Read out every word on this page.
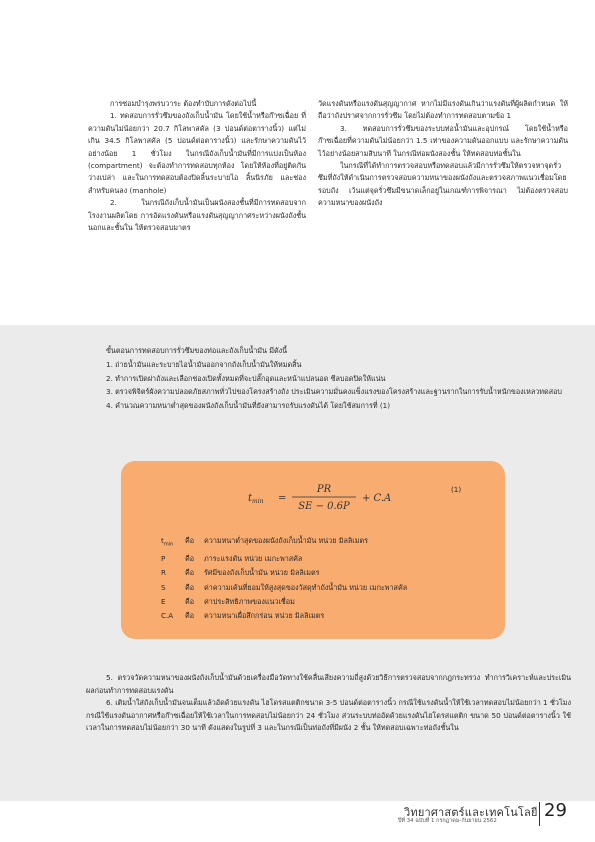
การซ่อมบำรุงพรบวาระ ต้องทำบับการดังต่อไปนี้

1. ทดสอบการรั่วซึมของถังเก็บน้ำมัน โดยใช้น้ำหรือก๊าซเฉื่อย ที่ความดันไม่น้อยกว่า 20.7 กิโลพาสคัล (3 ปอนด์ต่อตารางนิ้ว) แต่ไม่เกิน 34.5 กิโลพาสคัล (5 ปอนด์ต่อตารางนิ้ว) และรักษาความดันไว้อย่างน้อย 1 ชั่วโมง ในกรณีถังเก็บน้ำมันที่มีการแบ่งเป็นห้อง (compartment) จะต้องทำการทดสอบทุกห้อง โดยให้ห้องที่อยู่ติดกันว่างเปล่า และในการทดสอบต้องปิดลิ้นระบายไอ ลิ้นนิรภัย และช่องสำหรับคนลง (manhole)

2. ในกรณีถังเก็บน้ำมันเป็นผนังสองชั้นที่มีการทดสอบจากโรงงานผลิตโดย การอัดแรงดันหรือแรงดันสุญญากาศระหว่างผนังถังชั้นนอกและชั้นใน ให้ตรวจสอบมาตร

วัดแรงดันหรือแรงดันสุญญากาศ หากไม่มีแรงดันเกินว่าแรงดันที่ผู้ผลิตกำหนด ให้ถือว่าถังปราศจากการรั่วซึม โดยไม่ต้องทำการทดสอบตามข้อ 1

3. ทดสอบการรั่วซึมของระบบท่อน้ำมันและอุปกรณ์ โดยใช้น้ำหรือก๊าซเฉื่อยที่ความดันไม่น้อยกว่า 1.5 เท่าของความดันออกแบบ และรักษาความดันไว้อย่างน้อยสามสิบนาที ในกรณีท่อผนังสองชั้น ให้ทดสอบท่อชั้นใน

ในกรณีที่ได้ทำการตรวจสอบหรือทดสอบแล้วมีการรั่วซึมให้ตรวจหาจุดรั่วซึมที่ถังให้ดำเนินการตรวจสอบความหนาของผนังถังและตรวจสภาพแนวเชื่อมโดยรอบถัง เว้นแต่จุดรั่วซึมมีขนาดเล็กอยู่ในเกณฑ์การพิจารณา ไม่ต้องตรวจสอบความหนาของผนังถัง

ขั้นตอนการทดสอบการรั่วซึมของท่อและถังเก็บน้ำมัน มีดังนี้

1. ถ่ายน้ำมันและระบายไอน้ำมันออกจากถังเก็บน้ำมันให้หมดสิ้น

2. ทำการเปิดฝาถังและเลือกช่องเปิดทั้งหมดที่จะปลั๊กอุดและหน้าแปลนอด ซีลบอดปิดให้แน่น

3. ตรวจพิจิตร์ผังความปลอดภัยสภาพทั่วไปของโครงสร้างถัง ประเมินความมั่นคงแข็งแรงของโครงสร้างและฐานรากในการรับน้ำหนักของเหลวทดสอบ

4. คำนวณความหนาต่ำสุดของผนังถังเก็บน้ำมันที่ยังสามารถรับแรงดันได้ โดยใช้สมการที่ (1)

$t_{min}$ =
PR
SE − 0.6P
+ C.A
(1)
$t_{min}$	คือ	ความหนาต่ำสุดของผนังถังเก็บน้ำมัน หน่วย มิลลิเมตร
P	คือ	ภาระแรงดัน หน่วย เมกะพาสคัล
R	คือ	รัศมีของถังเก็บน้ำมัน หน่วย มิลลิเมตร
S	คือ	ค่าความเค้นที่ยอมให้สูงสุดของวัสดุทำถังน้ำมัน หน่วย เมกะพาสคัล
E	คือ	ค่าประสิทธิภาพของแนวเชื่อม
C.A	คือ	ความหนาเผื่อสึกกร่อน หน่วย มิลลิเมตร

5. ตรวจวัดความหนาของผนังถังเก็บน้ำมันด้วยเครื่องมือวัดทางใช้คลื่นเสียงความถี่สูงด้วยวิธีการตรวจสอบจากกฎกระทรวง ทำการวิเคราะห์และประเมินผลก่อนทำการทดสอบแรงดัน

6. เติมน้ำใส่ถังเก็บน้ำมันจนเต็มแล้วอัดด้วยแรงดัน ไฮโดรสแตติกขนาด 3-5 ปอนด์ต่อตารางนิ้ว กรณีใช้แรงดันน้ำให้ใช้เวลาทดสอบไม่น้อยกว่า 1 ชั่วโมง กรณีใช้แรงดันอากาศหรือก๊าซเฉื่อยให้ใช้เวลาในการทดสอบไม่น้อยกว่า 24 ชั่วโมง ส่วนระบบท่ออัดด้วยแรงดันไฮโดรสแตติก ขนาด 50 ปอนด์ต่อตารางนิ้ว ใช้เวลาในการทดสอบไม่น้อยกว่า 30 นาที ดังแสดงในรูปที่ 3 และในกรณีเป็นท่อถังที่มีผนัง 2 ชั้น ให้ทดสอบเฉพาะท่อถังชั้นใน

วิทยาศาสตร์และเทคโนโลยี
ปีที่ 34 ฉบับที่ 1 กรกฎาคม-กันยายน 2562	29
